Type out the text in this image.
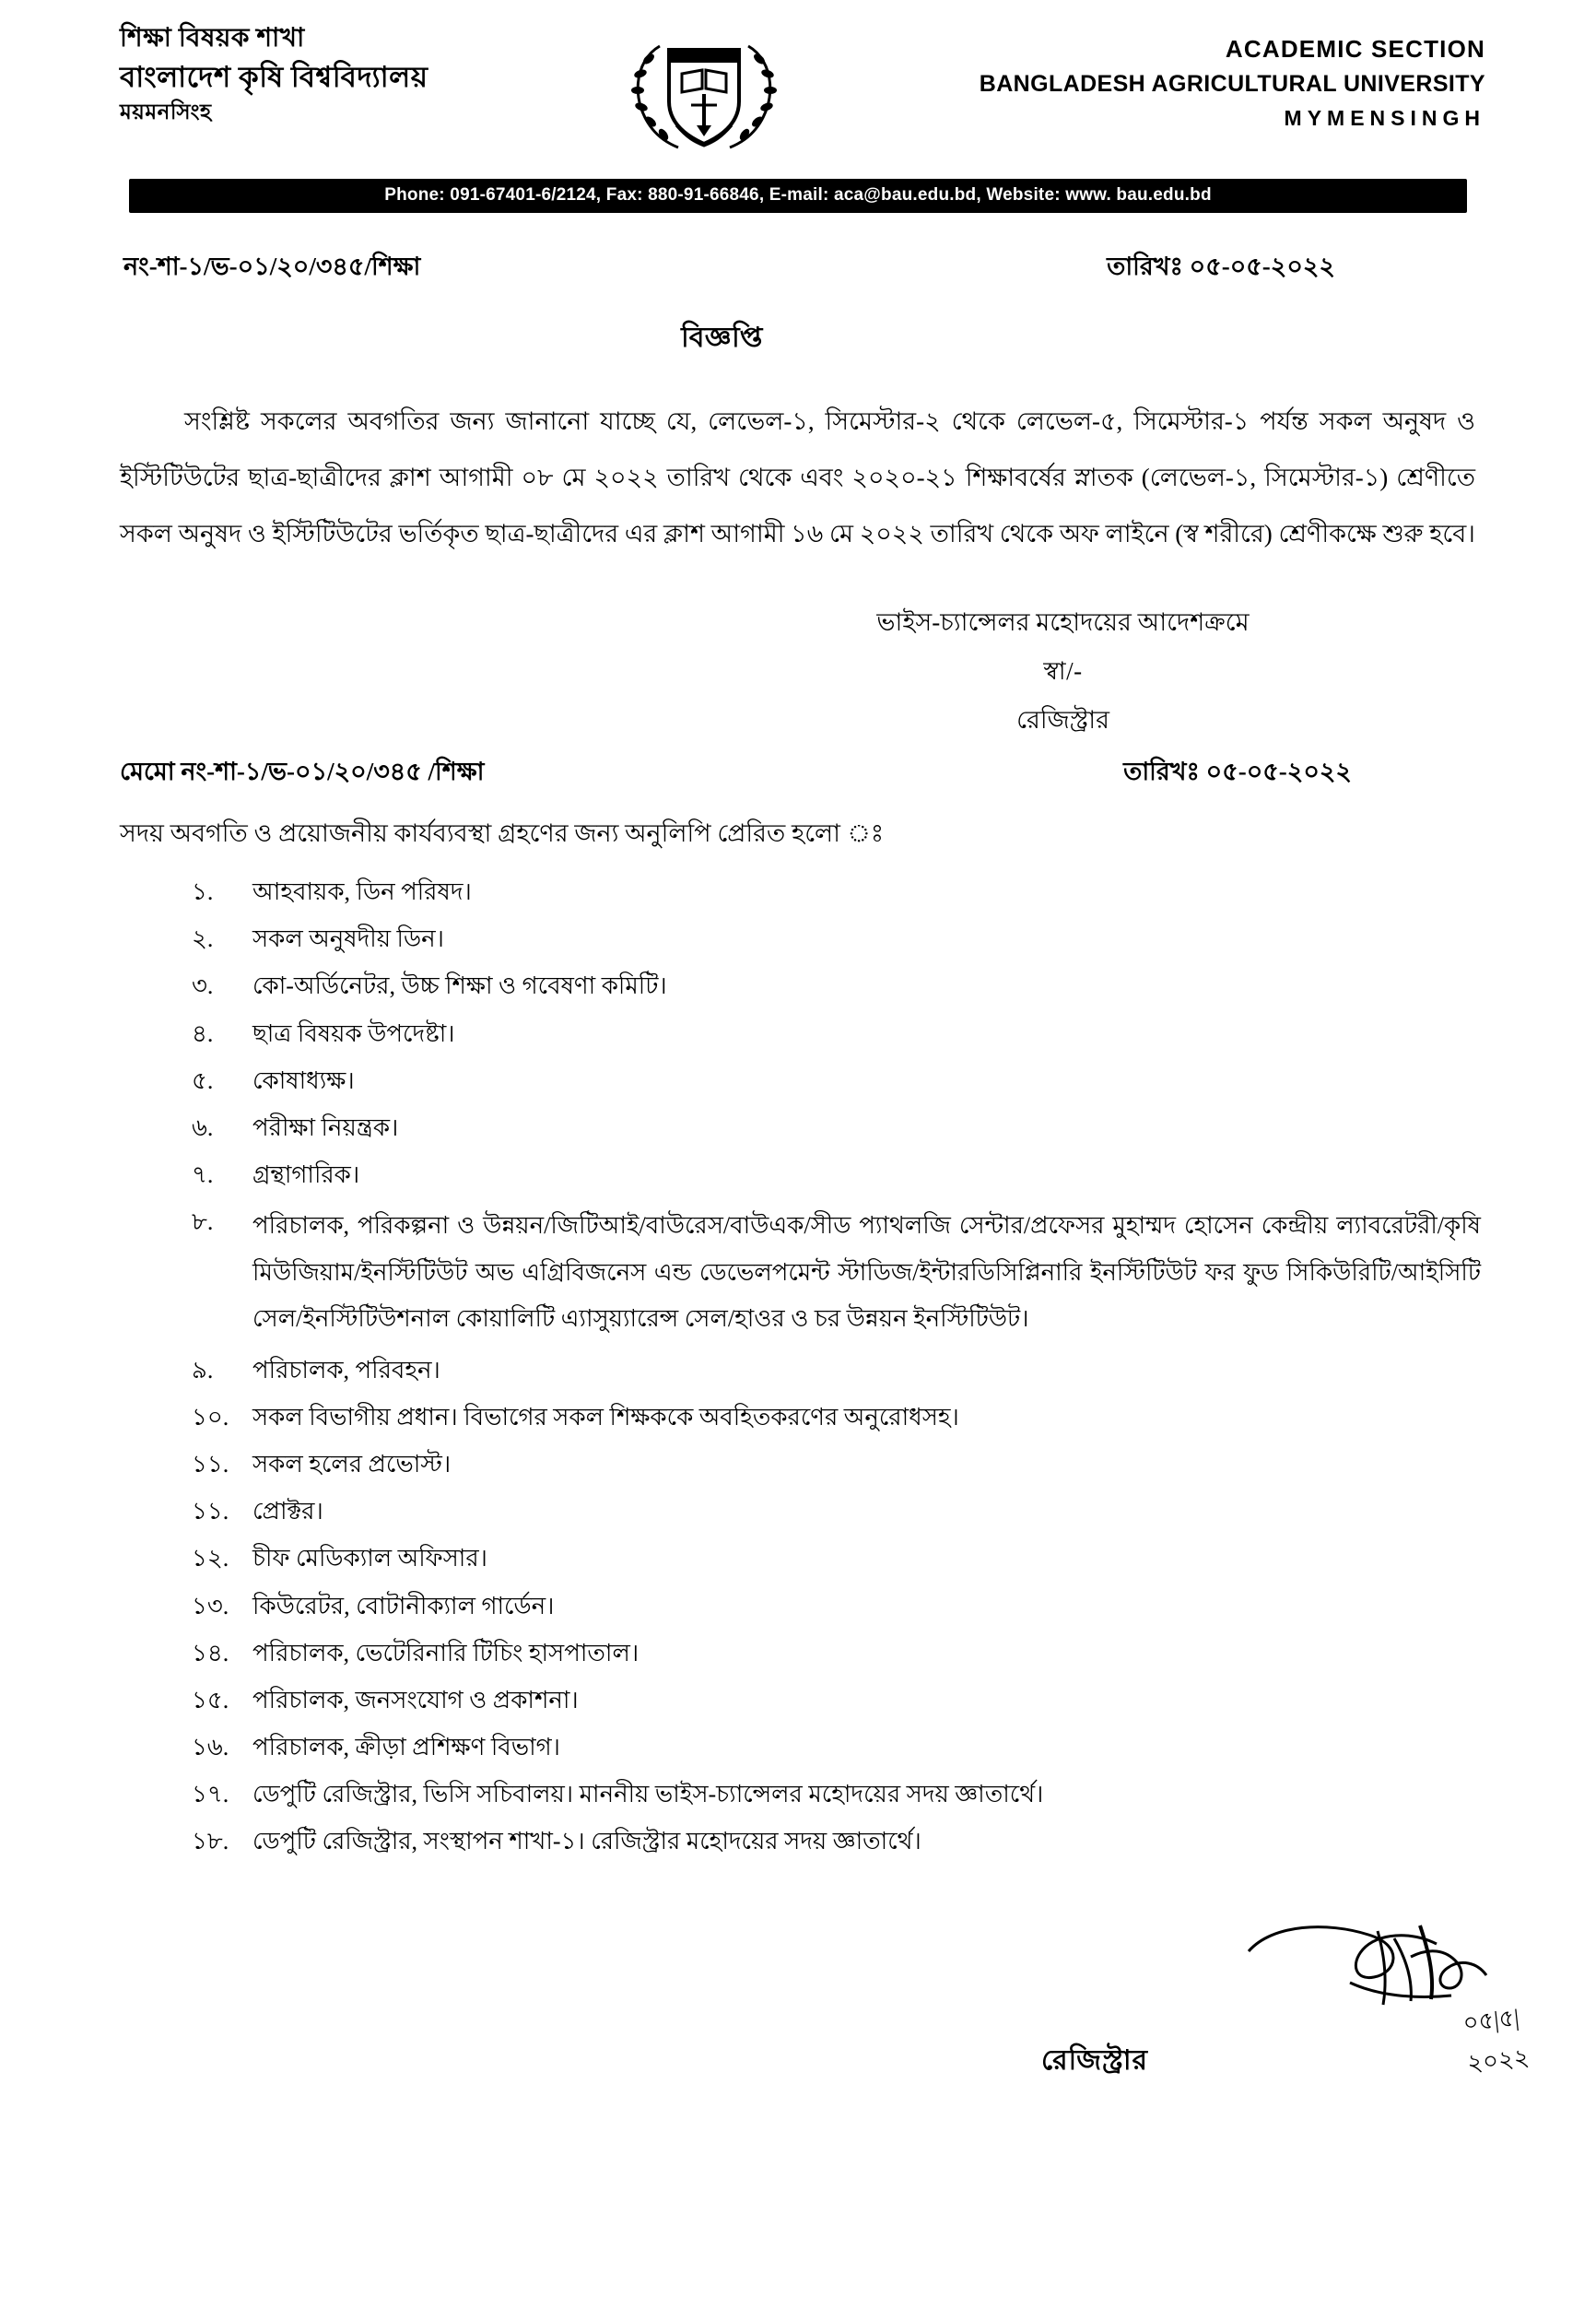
শিক্ষা বিষয়ক শাখা
বাংলাদেশ কৃষি বিশ্ববিদ্যালয়
ময়মনসিংহ
ACADEMIC SECTION
BANGLADESH AGRICULTURAL UNIVERSITY
MYMENSINGH
Phone: 091-67401-6/2124, Fax: 880-91-66846, E-mail: aca@bau.edu.bd, Website: www. bau.edu.bd
নং-শা-১/ভ-০১/২০/৩৪৫/শিক্ষা	তারিখঃ ০৫-০৫-২০২২
বিজ্ঞপ্তি
সংশ্লিষ্ট সকলের অবগতির জন্য জানানো যাচ্ছে যে, লেভেল-১, সিমেস্টার-২ থেকে লেভেল-৫, সিমেস্টার-১ পর্যন্ত সকল অনুষদ ও ইস্টিটিউটের ছাত্র-ছাত্রীদের ক্লাশ আগামী ০৮ মে ২০২২ তারিখ থেকে এবং ২০২০-২১ শিক্ষাবর্ষের স্নাতক (লেভেল-১, সিমেস্টার-১) শ্রেণীতে সকল অনুষদ ও ইস্টিটিউটের ভর্তিকৃত ছাত্র-ছাত্রীদের এর ক্লাশ আগামী ১৬ মে ২০২২ তারিখ থেকে অফ লাইনে (স্ব শরীরে) শ্রেণীকক্ষে শুরু হবে।
ভাইস-চ্যান্সেলর মহোদয়ের আদেশক্রমে
স্বা/-
রেজিস্ট্রার
মেমো নং-শা-১/ভ-০১/২০/৩৪৫ /শিক্ষা	তারিখঃ ০৫-০৫-২০২২
সদয় অবগতি ও প্রয়োজনীয় কার্যব্যবস্থা গ্রহণের জন্য অনুলিপি প্রেরিত হলো ঃ
১.	আহবায়ক, ডিন পরিষদ।
২.	সকল অনুষদীয় ডিন।
৩.	কো-অর্ডিনেটর, উচ্চ শিক্ষা ও গবেষণা কমিটি।
৪.	ছাত্র বিষয়ক উপদেষ্টা।
৫.	কোষাধ্যক্ষ।
৬.	পরীক্ষা নিয়ন্ত্রক।
৭.	গ্রন্থাগারিক।
৮.	পরিচালক, পরিকল্পনা ও উন্নয়ন/জিটিআই/বাউরেস/বাউএক/সীড প্যাথলজি সেন্টার/প্রফেসর মুহাম্মদ হোসেন কেন্দ্রীয় ল্যাবরেটরী/কৃষি মিউজিয়াম/ইনস্টিটিউট অভ এগ্রিবিজনেস এন্ড ডেভেলপমেন্ট স্টাডিজ/ইন্টারডিসিপ্লিনারি ইনস্টিটিউট ফর ফুড সিকিউরিটি/আইসিটি সেল/ইনস্টিটিউশনাল কোয়ালিটি এ্যাসুয়্যারেন্স সেল/হাওর ও চর উন্নয়ন ইনস্টিটিউট।
৯.	পরিচালক, পরিবহন।
১০. সকল বিভাগীয় প্রধান। বিভাগের সকল শিক্ষককে অবহিতকরণের অনুরোধসহ।
১১. সকল হলের প্রভোস্ট।
১১. প্রোক্টর।
১২. চীফ মেডিক্যাল অফিসার।
১৩. কিউরেটর, বোটানীক্যাল গার্ডেন।
১৪. পরিচালক, ভেটেরিনারি টিচিং হাসপাতাল।
১৫. পরিচালক, জনসংযোগ ও প্রকাশনা।
১৬. পরিচালক, ক্রীড়া প্রশিক্ষণ বিভাগ।
১৭. ডেপুটি রেজিস্ট্রার, ভিসি সচিবালয়। মাননীয় ভাইস-চ্যান্সেলর মহোদয়ের সদয় জ্ঞাতার্থে।
১৮. ডেপুটি রেজিস্ট্রার, সংস্থাপন শাখা-১। রেজিস্ট্রার মহোদয়ের সদয় জ্ঞাতার্থে।
০৫|৫|২০২২
রেজিস্ট্রার
